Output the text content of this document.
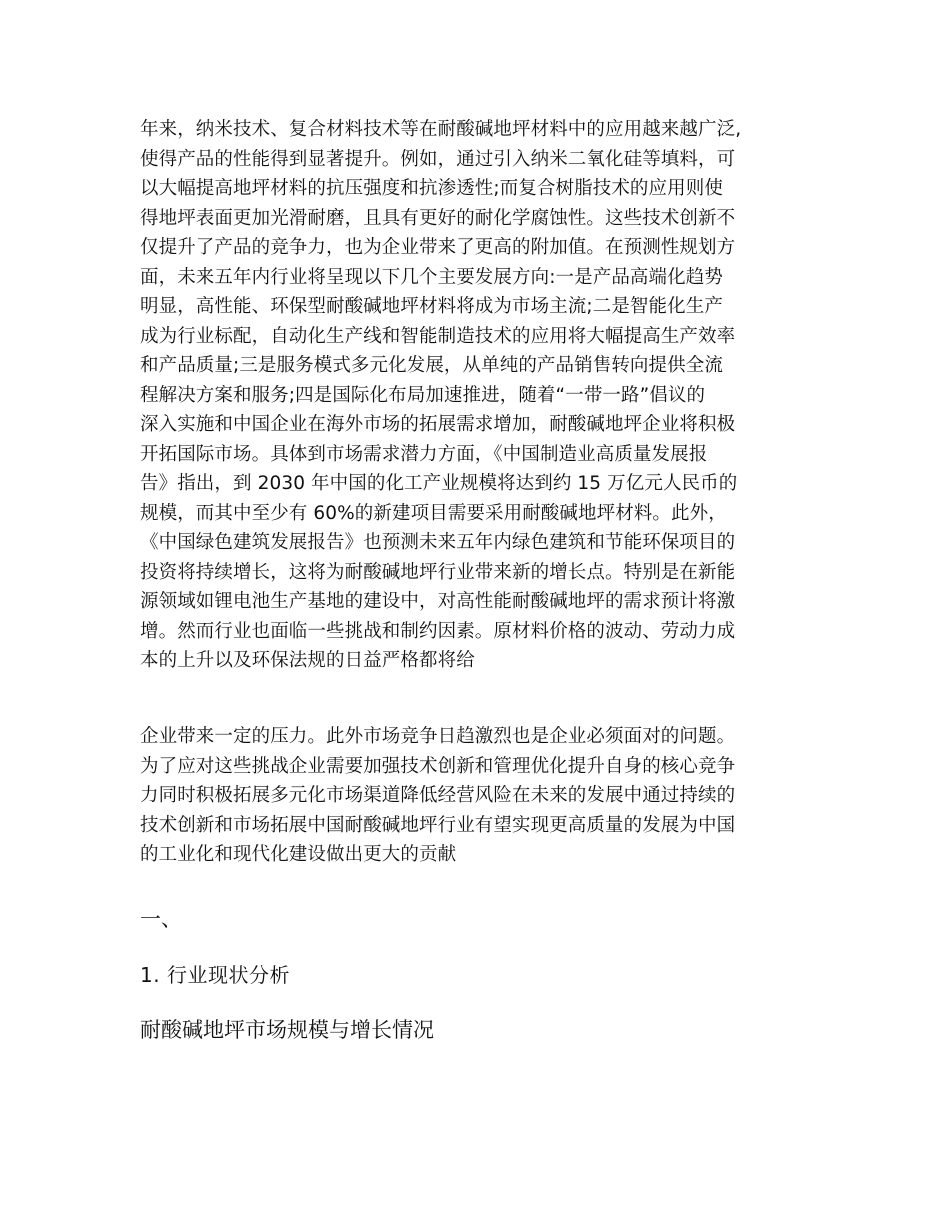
年来，纳米技术、复合材料技术等在耐酸碱地坪材料中的应用越来越广泛,
使得产品的性能得到显著提升。例如，通过引入纳米二氧化硅等填料，可
以大幅提高地坪材料的抗压强度和抗渗透性;而复合树脂技术的应用则使
得地坪表面更加光滑耐磨，且具有更好的耐化学腐蚀性。这些技术创新不
仅提升了产品的竞争力，也为企业带来了更高的附加值。在预测性规划方
面，未来五年内行业将呈现以下几个主要发展方向:一是产品高端化趋势
明显，高性能、环保型耐酸碱地坪材料将成为市场主流;二是智能化生产
成为行业标配，自动化生产线和智能制造技术的应用将大幅提高生产效率
和产品质量;三是服务模式多元化发展，从单纯的产品销售转向提供全流
程解决方案和服务;四是国际化布局加速推进，随着“一带一路”倡议的
深入实施和中国企业在海外市场的拓展需求增加，耐酸碱地坪企业将积极
开拓国际市场。具体到市场需求潜力方面，《中国制造业高质量发展报
告》指出，到 2030 年中国的化工产业规模将达到约 15 万亿元人民币的
规模，而其中至少有 60%的新建项目需要采用耐酸碱地坪材料。此外，
《中国绿色建筑发展报告》也预测未来五年内绿色建筑和节能环保项目的
投资将持续增长，这将为耐酸碱地坪行业带来新的增长点。特别是在新能
源领域如锂电池生产基地的建设中，对高性能耐酸碱地坪的需求预计将激
增。然而行业也面临一些挑战和制约因素。原材料价格的波动、劳动力成
本的上升以及环保法规的日益严格都将给

企业带来一定的压力。此外市场竞争日趋激烈也是企业必须面对的问题。
为了应对这些挑战企业需要加强技术创新和管理优化提升自身的核心竞争
力同时积极拓展多元化市场渠道降低经营风险在未来的发展中通过持续的
技术创新和市场拓展中国耐酸碱地坪行业有望实现更高质量的发展为中国
的工业化和现代化建设做出更大的贡献

一、
1. 行业现状分析
耐酸碱地坪市场规模与增长情况
